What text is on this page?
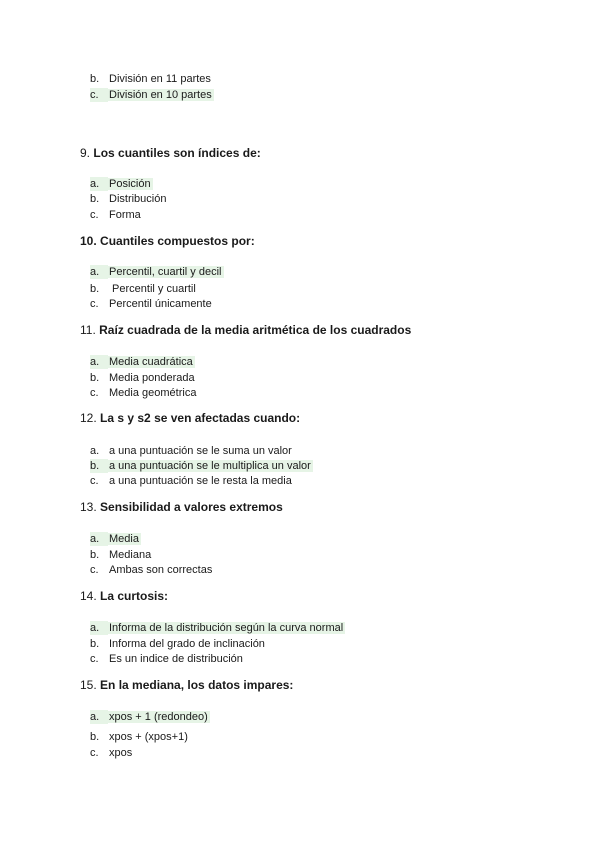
b. División en 11 partes
c. División en 10 partes
9. Los cuantiles son índices de:
a. Posición
b. Distribución
c. Forma
10. Cuantiles compuestos por:
a. Percentil, cuartil y decil
b. Percentil y cuartil
c. Percentil únicamente
11. Raíz cuadrada de la media aritmética de los cuadrados
a. Media cuadrática
b. Media ponderada
c. Media geométrica
12. La s y s2 se ven afectadas cuando:
a. a una puntuación se le suma un valor
b. a una puntuación se le multiplica un valor
c. a una puntuación se le resta la media
13. Sensibilidad a valores extremos
a. Media
b. Mediana
c. Ambas son correctas
14. La curtosis:
a. Informa de la distribución según la curva normal
b. Informa del grado de inclinación
c. Es un indice de distribución
15. En la mediana, los datos impares:
a. xpos + 1 (redondeo)
b. xpos + (xpos+1)
c. xpos
